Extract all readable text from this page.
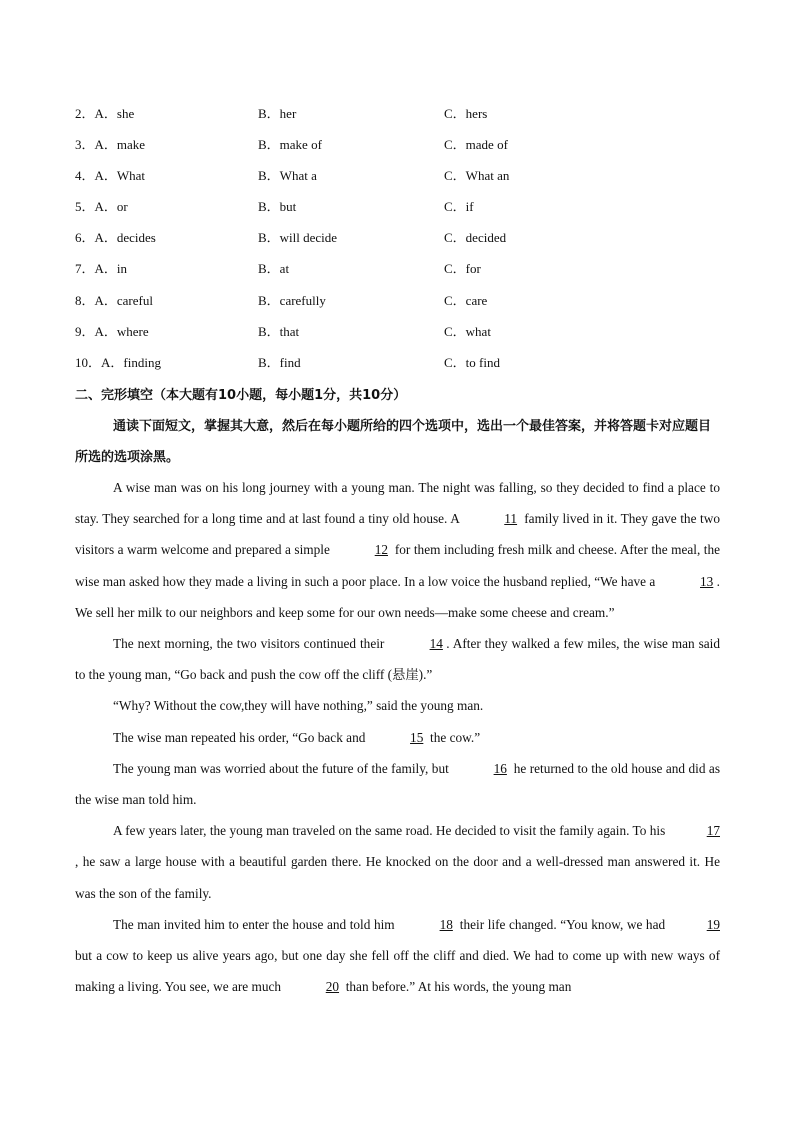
2．A．she	B．her	C．hers
3．A．make	B．make of	C．made of
4．A．What	B．What a	C．What an
5．A．or	B．but	C．if
6．A．decides	B．will decide	C．decided
7．A．in	B．at	C．for
8．A．careful	B．carefully	C．care
9．A．where	B．that	C．what
10．A．finding	B．find	C．to find
二、完形填空（本大题有10小题，每小题1分，共10分）
通读下面短文，掌握其大意，然后在每小题所给的四个选项中，选出一个最佳答案，并将答题卡对应题目所选的选项涂黑。

A wise man was on his long journey with a young man. The night was falling, so they decided to find a place to stay. They searched for a long time and at last found a tiny old house. A	11 family lived in it. They gave the two visitors a warm welcome and prepared a simple	12 for them including fresh milk and cheese. After the meal, the wise man asked how they made a living in such a poor place. In a low voice the husband replied, “We have a	13 . We sell her milk to our neighbors and keep some for our own needs—make some cheese and cream.”

The next morning, the two visitors continued their	14 . After they walked a few miles, the wise man said to the young man, “Go back and push the cow off the cliff (悬崖).”

“Why? Without the cow,they will have nothing,” said the young man.

The wise man repeated his order, “Go back and	15 the cow.”

The young man was worried about the future of the family, but	16 he returned to the old house and did as the wise man told him.

A few years later, the young man traveled on the same road. He decided to visit the family again. To his	17, he saw a large house with a beautiful garden there. He knocked on the door and a well-dressed man answered it. He was the son of the family.

The man invited him to enter the house and told him	18 their life changed. “You know, we had	19 but a cow to keep us alive years ago, but one day she fell off the cliff and died. We had to come up with new ways of making a living. You see, we are much	20 than before.” At his words, the young man
